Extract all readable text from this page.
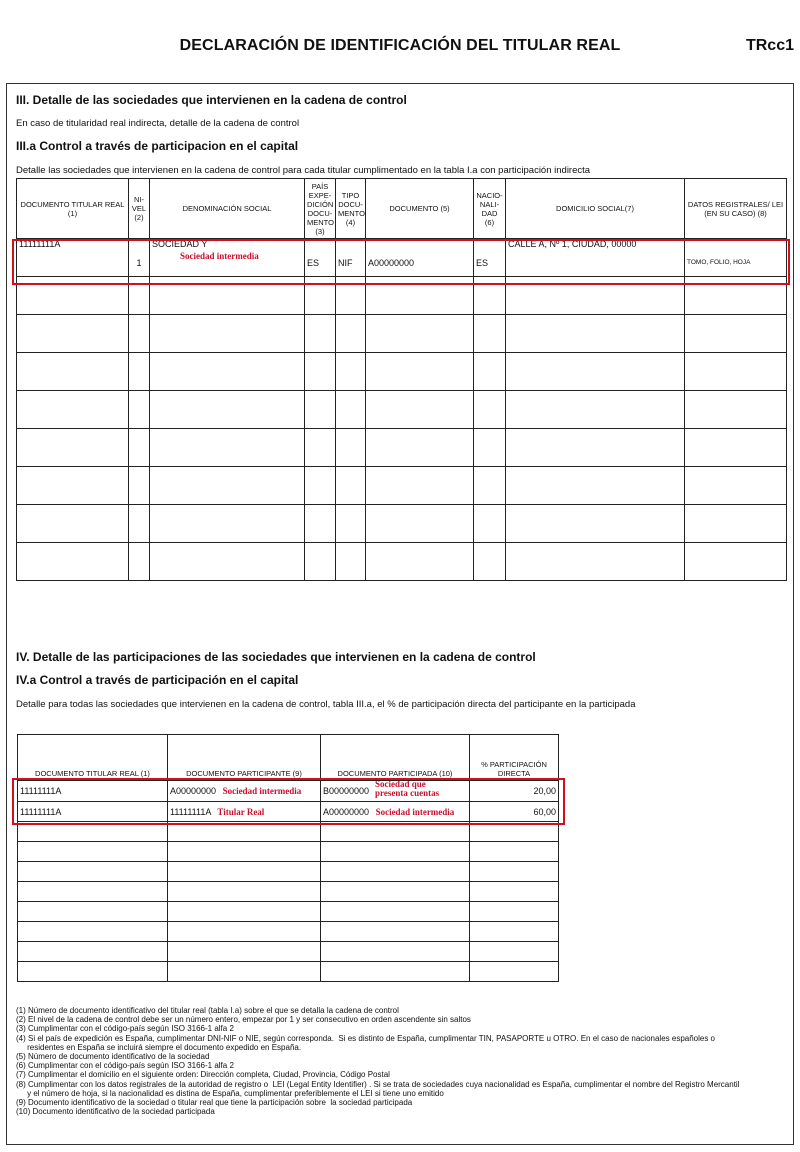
DECLARACIÓN DE IDENTIFICACIÓN DEL TITULAR REAL	TRcc1
III. Detalle de las sociedades que intervienen en la cadena de control
En caso de titularidad real indirecta, detalle de la cadena de control
III.a Control a través de participacion en el capital
Detalle las sociedades que intervienen en la cadena de control para cada titular cumplimentado en la tabla I.a con participación indirecta
DOCUMENTO TITULAR REAL (1)	NI-VEL (2)	DENOMINACIÓN SOCIAL	PAÍS EXPE-DICIÓN DOCU-MENTO (3)	TIPO DOCU-MENTO (4)	DOCUMENTO (5)	NACIO-NALI-DAD (6)	DOMICILIO SOCIAL(7)	DATOS REGISTRALES/ LEI (EN SU CASO) (8)
11111111A	1	SOCIEDAD Y
Sociedad intermedia	ES	NIF	A00000000	ES	CALLE A, Nº 1, CIUDAD, 00000	TOMO, FOLIO, HOJA

IV. Detalle de las participaciones de las sociedades que intervienen en la cadena de control
IV.a Control a través de participación en el capital
Detalle para todas las sociedades que intervienen en la cadena de control, tabla III.a, el % de participación directa del participante en la participada
DOCUMENTO TITULAR REAL (1)	DOCUMENTO PARTICIPANTE (9)	DOCUMENTO PARTICIPADA (10)	% PARTICIPACIÓN DIRECTA
11111111A	A00000000 Sociedad intermedia	B00000000
Sociedad que presenta cuentas	20,00
11111111A	11111111A Titular Real	A00000000 Sociedad intermedia	60,00

(1) Número de documento identificativo del titular real (tabla I.a) sobre el que se detalla la cadena de control
(2) El nivel de la cadena de control debe ser un número entero, empezar por 1 y ser consecutivo en orden ascendente sin saltos
(3) Cumplimentar con el código-país según ISO 3166-1 alfa 2
(4) Si el país de expedición es España, cumplimentar DNI-NIF o NIE, según corresponda.  Si es distinto de España, cumplimentar TIN, PASAPORTE u OTRO. En el caso de nacionales españoles o
residentes en España se incluirá siempre el documento expedido en España.
(5) Número de documento identificativo de la sociedad
(6) Cumplimentar con el código-país según ISO 3166-1 alfa 2
(7) Cumplimentar el domicilio en el siguiente orden: Dirección completa, Ciudad, Provincia, Código Postal
(8) Cumplimentar con los datos registrales de la autoridad de registro o  LEI (Legal Entity Identifier) . Si se trata de sociedades cuya nacionalidad es España, cumplimentar el nombre del Registro Mercantil
y el número de hoja, si la nacionalidad es distina de España, cumplimentar preferiblemente el LEI si tiene uno emitido
(9) Documento identificativo de la sociedad o titular real que tiene la participación sobre  la sociedad participada
(10) Documento identificativo de la sociedad participada
